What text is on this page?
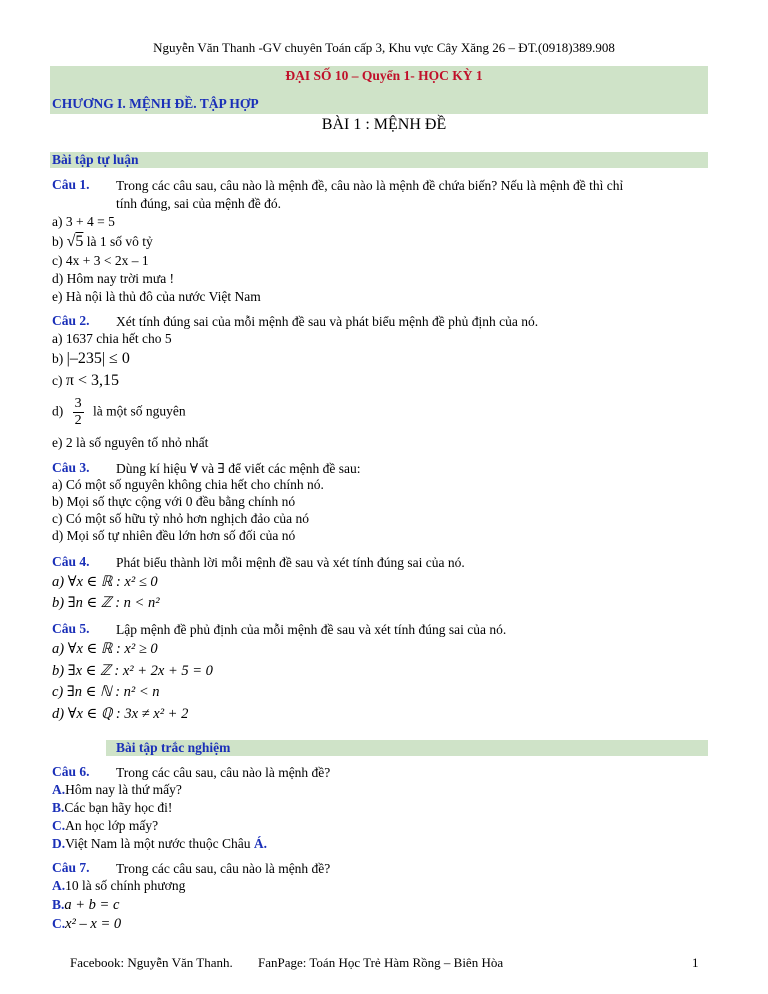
Nguyễn Văn Thanh -GV chuyên Toán cấp 3, Khu vực Cây Xăng 26 – ĐT.(0918)389.908
ĐẠI SỐ 10 – Quyển 1- HỌC KỲ 1
CHƯƠNG I. MỆNH ĐỀ. TẬP HỢP
BÀI 1 : MỆNH ĐỀ
Bài tập tự luận
Câu 1. Trong các câu sau, câu nào là mệnh đề, câu nào là mệnh đề chứa biến? Nếu là mệnh đề thì chỉ
tính đúng, sai của mệnh đề đó.
a) 3 + 4 = 5
b) √5 là 1 số vô tỷ
c) 4x + 3 < 2x – 1
d) Hôm nay trời mưa !
e) Hà nội là thủ đô của nước Việt Nam
Câu 2. Xét tính đúng sai của mỗi mệnh đề sau và phát biểu mệnh đề phủ định của nó.
a) 1637 chia hết cho 5
b) |–235| ≤ 0
c) π < 3,15
$d) \frac{3}{2}$ là một số nguyên
e) 2 là số nguyên tố nhỏ nhất
Câu 3. Dùng kí hiệu ∀ và ∃ để viết các mệnh đề sau:
a) Có một số nguyên không chia hết cho chính nó.
b) Mọi số thực cộng với 0 đều bằng chính nó
c) Có một số hữu tỷ nhỏ hơn nghịch đảo của nó
d) Mọi số tự nhiên đều lớn hơn số đối của nó
Câu 4. Phát biểu thành lời mỗi mệnh đề sau và xét tính đúng sai của nó.
a) ∀x ∈ ℝ : x² ≤ 0
b) ∃n ∈ ℤ : n < n²
Câu 5. Lập mệnh đề phủ định của mỗi mệnh đề sau và xét tính đúng sai của nó.
a) ∀x ∈ ℝ : x² ≥ 0
b) ∃x ∈ ℤ : x² + 2x + 5 = 0
c) ∃n ∈ ℕ : n² < n
d) ∀x ∈ ℚ : 3x ≠ x² + 2
Bài tập trắc nghiệm
Câu 6. Trong các câu sau, câu nào là mệnh đề?
A.Hôm nay là thứ mấy?
B.Các bạn hãy học đi!
C.An học lớp mấy?
D.Việt Nam là một nước thuộc Châu Á.
Câu 7. Trong các câu sau, câu nào là mệnh đề?
A.10 là số chính phương
B.a + b = c
C.x² – x = 0
Facebook: Nguyễn Văn Thanh. FanPage: Toán Học Trẻ Hàm Rồng – Biên Hòa	1
